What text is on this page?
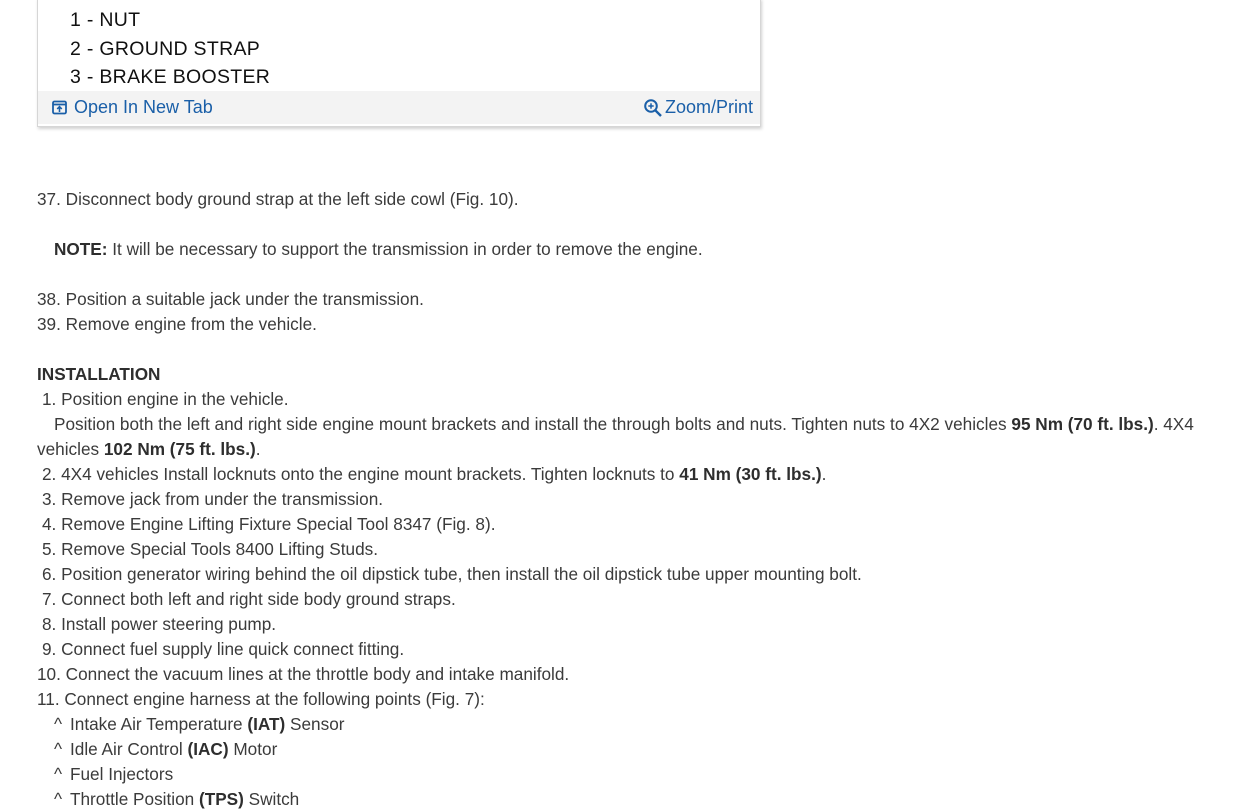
1 - NUT
2 - GROUND STRAP
3 - BRAKE BOOSTER
Open In New Tab	Zoom/Print
37. Disconnect body ground strap at the left side cowl (Fig. 10).
NOTE: It will be necessary to support the transmission in order to remove the engine.
38. Position a suitable jack under the transmission.
39. Remove engine from the vehicle.
INSTALLATION
1. Position engine in the vehicle.
Position both the left and right side engine mount brackets and install the through bolts and nuts. Tighten nuts to 4X2 vehicles 95 Nm (70 ft. lbs.). 4X4 vehicles 102 Nm (75 ft. lbs.).
2. 4X4 vehicles Install locknuts onto the engine mount brackets. Tighten locknuts to 41 Nm (30 ft. lbs.).
3. Remove jack from under the transmission.
4. Remove Engine Lifting Fixture Special Tool 8347 (Fig. 8).
5. Remove Special Tools 8400 Lifting Studs.
6. Position generator wiring behind the oil dipstick tube, then install the oil dipstick tube upper mounting bolt.
7. Connect both left and right side body ground straps.
8. Install power steering pump.
9. Connect fuel supply line quick connect fitting.
10. Connect the vacuum lines at the throttle body and intake manifold.
11. Connect engine harness at the following points (Fig. 7):
^ Intake Air Temperature (IAT) Sensor
^ Idle Air Control (IAC) Motor
^ Fuel Injectors
^ Throttle Position (TPS) Switch
